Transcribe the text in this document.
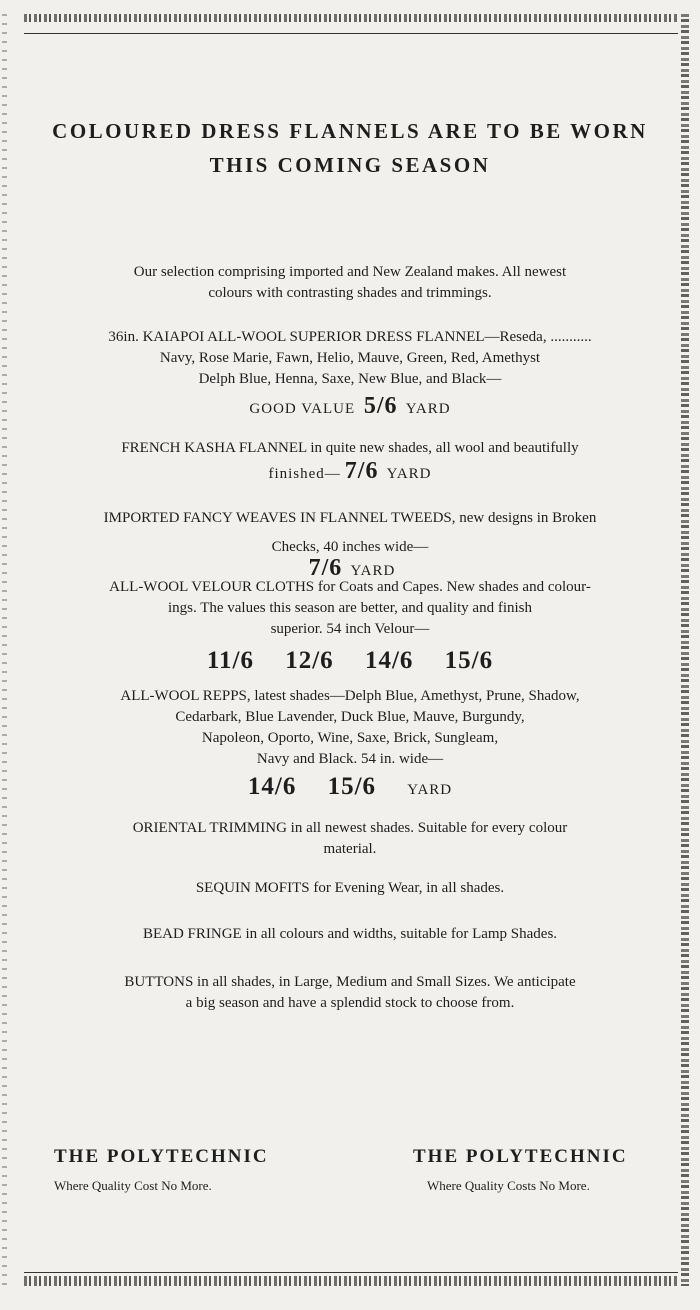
COLOURED DRESS FLANNELS ARE TO BE WORN
THIS COMING SEASON
Our selection comprising imported and New Zealand makes. All newest
colours with contrasting shades and trimmings.
36in. KAIAPOI ALL-WOOL SUPERIOR DRESS FLANNEL—Reseda, ...........
Navy, Rose Marie, Fawn, Helio, Mauve, Green, Red, Amethyst
Delph Blue, Henna, Saxe, New Blue, and Black—
GOOD VALUE 5/6 YARD
FRENCH KASHA FLANNEL in quite new shades, all wool and beautifully
finished— 7/6 YARD
IMPORTED FANCY WEAVES IN FLANNEL TWEEDS, new designs in Broken
Checks, 40 inches wide—
7/6 YARD
ALL-WOOL VELOUR CLOTHS for Coats and Capes. New shades and colour-
ings. The values this season are better, and quality and finish
superior. 54 inch Velour—
11/6 12/6 14/6 15/6
ALL-WOOL REPPS, latest shades—Delph Blue, Amethyst, Prune, Shadow,
Cedarbark, Blue Lavender, Duck Blue, Mauve, Burgundy,
Napoleon, Oporto, Wine, Saxe, Brick, Sungleam,
Navy and Black. 54 in. wide—
14/6 15/6 YARD
ORIENTAL TRIMMING in all newest shades. Suitable for every colour
material.
SEQUIN MOFITS for Evening Wear, in all shades.
BEAD FRINGE in all colours and widths, suitable for Lamp Shades.
BUTTONS in all shades, in Large, Medium and Small Sizes. We anticipate
a big season and have a splendid stock to choose from.
THE POLYTECHNIC
Where Quality Cost No More.
THE POLYTECHNIC
Where Quality Costs No More.
